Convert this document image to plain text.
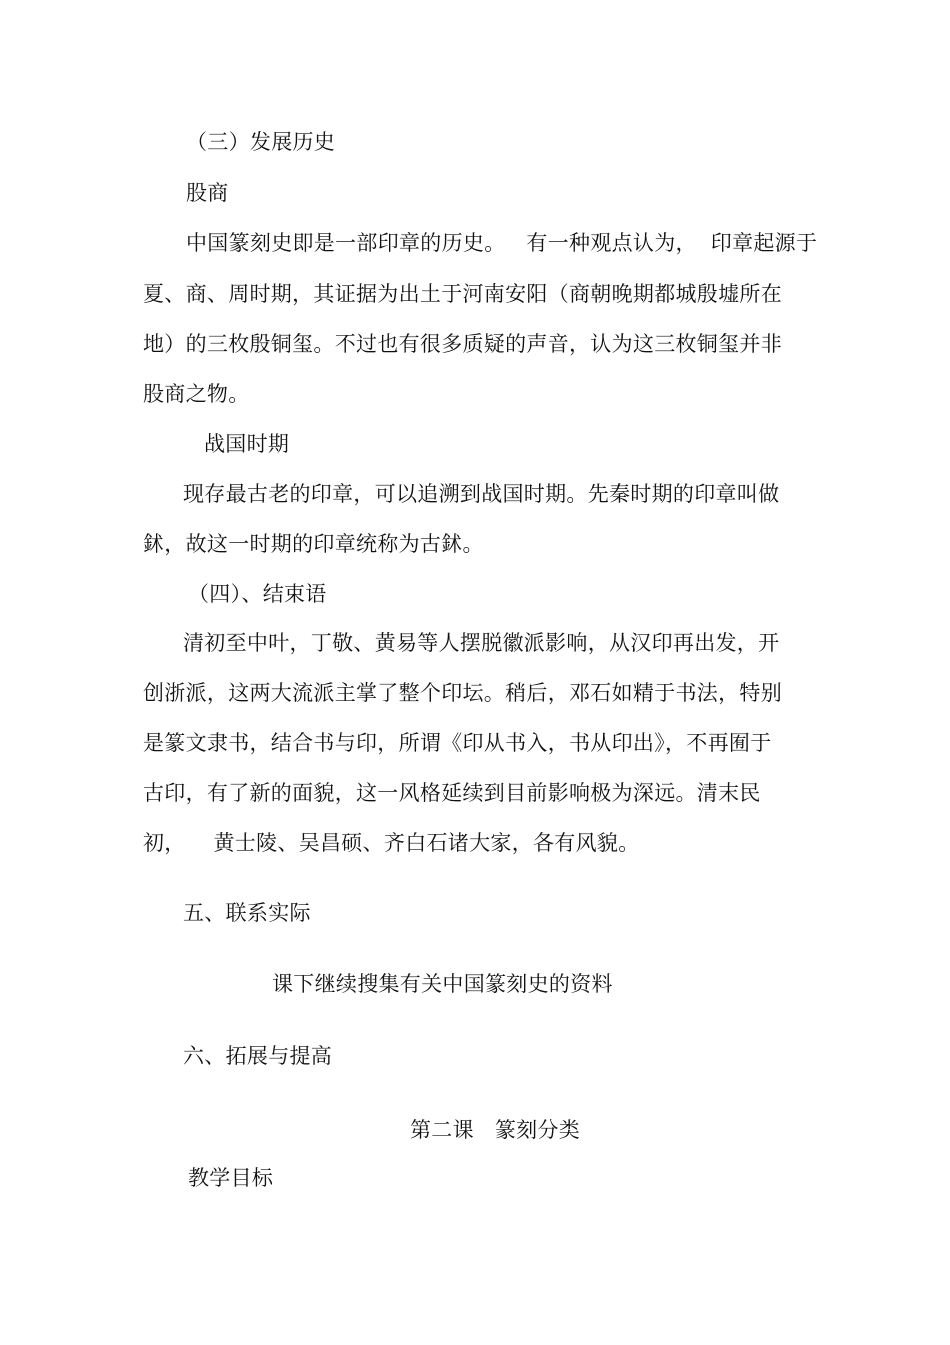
（三）发展历史
股商
中国篆刻史即是一部印章的历史。   有一种观点认为，  印章起源于
夏、商、周时期，其证据为出土于河南安阳（商朝晚期都城殷墟所在
地）的三枚殷铜玺。不过也有很多质疑的声音，认为这三枚铜玺并非
股商之物。
战国时期
现存最古老的印章，可以追溯到战国时期。先秦时期的印章叫做
鉥，故这一时期的印章统称为古鉥。
（四）、结束语
清初至中叶，丁敬、黄易等人摆脱徽派影响，从汉印再出发，开
创浙派，这两大流派主掌了整个印坛。稍后，邓石如精于书法，特别
是篆文隶书，结合书与印，所谓《印从书入，书从印出》，不再囿于
古印，有了新的面貌，这一风格延续到目前影响极为深远。清末民
初，    黄士陵、吴昌硕、齐白石诸大家，各有风貌。
五、联系实际
课下继续搜集有关中国篆刻史的资料
六、拓展与提高
第二课   篆刻分类
教学目标
